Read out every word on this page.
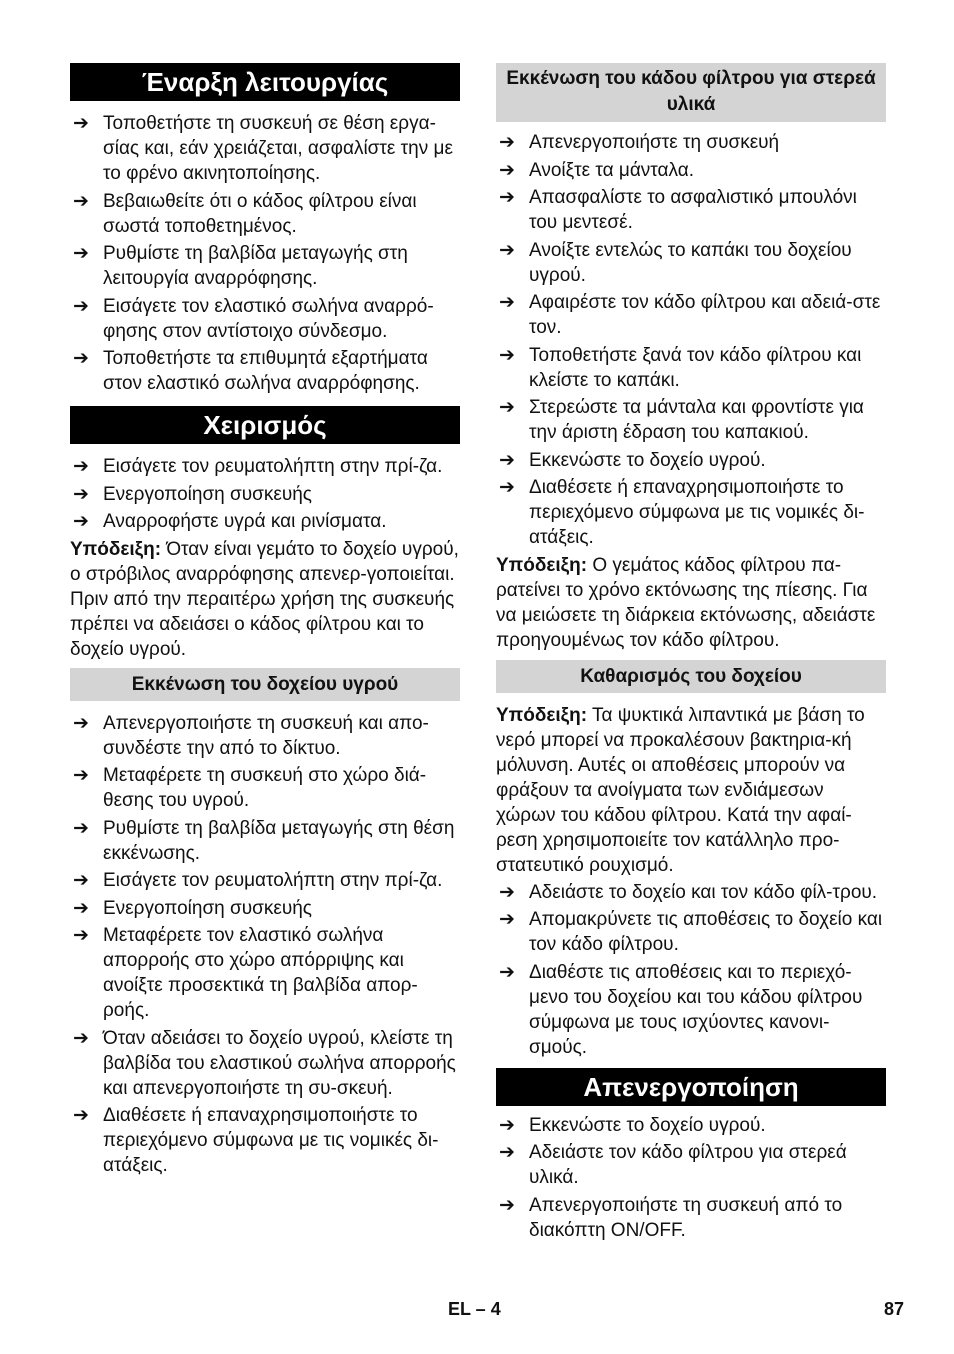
Έναρξη λειτουργίας
➔ Τοποθετήστε τη συσκευή σε θέση εργα-σίας και, εάν χρειάζεται, ασφαλίστε την με το φρένο ακινητοποίησης.
➔ Βεβαιωθείτε ότι ο κάδος φίλτρου είναι σωστά τοποθετημένος.
➔ Ρυθμίστε τη βαλβίδα μεταγωγής στη λειτουργία αναρρόφησης.
➔ Εισάγετε τον ελαστικό σωλήνα αναρρό-φησης στον αντίστοιχο σύνδεσμο.
➔ Τοποθετήστε τα επιθυμητά εξαρτήματα στον ελαστικό σωλήνα αναρρόφησης.
Χειρισμός
➔ Εισάγετε τον ρευματολήπτη στην πρί-ζα.
➔ Ενεργοποίηση συσκευής
➔ Αναρροφήστε υγρά και ρινίσματα.

Υπόδειξη: Όταν είναι γεμάτο το δοχείο υγρού, ο στρόβιλος αναρρόφησης απενερ-γοποιείται. Πριν από την περαιτέρω χρήση της συσκευής πρέπει να αδειάσει ο κάδος φίλτρου και το δοχείο υγρού.

Εκκένωση του δοχείου υγρού
➔ Απενεργοποιήστε τη συσκευή και απο-συνδέστε την από το δίκτυο.
➔ Μεταφέρετε τη συσκευή στο χώρο διά-θεσης του υγρού.
➔ Ρυθμίστε τη βαλβίδα μεταγωγής στη θέση εκκένωσης.
➔ Εισάγετε τον ρευματολήπτη στην πρί-ζα.
➔ Ενεργοποίηση συσκευής
➔ Μεταφέρετε τον ελαστικό σωλήνα απορροής στο χώρο απόρριψης και ανοίξτε προσεκτικά τη βαλβίδα απορ-ροής.
➔ Όταν αδειάσει το δοχείο υγρού, κλείστε τη βαλβίδα του ελαστικού σωλήνα απορροής και απενεργοποιήστε τη συ-σκευή.
➔ Διαθέσετε ή επαναχρησιμοποιήστε το περιεχόμενο σύμφωνα με τις νομικές δι-ατάξεις.
Εκκένωση του κάδου φίλτρου για στερεά υλικά
➔ Απενεργοποιήστε τη συσκευή
➔ Ανοίξτε τα μάνταλα.
➔ Απασφαλίστε το ασφαλιστικό μπουλόνι του μεντεσέ.
➔ Ανοίξτε εντελώς το καπάκι του δοχείου υγρού.
➔ Αφαιρέστε τον κάδο φίλτρου και αδειά-στε τον.
➔ Τοποθετήστε ξανά τον κάδο φίλτρου και κλείστε το καπάκι.
➔ Στερεώστε τα μάνταλα και φροντίστε για την άριστη έδραση του καπακιού.
➔ Εκκενώστε το δοχείο υγρού.
➔ Διαθέσετε ή επαναχρησιμοποιήστε το περιεχόμενο σύμφωνα με τις νομικές δι-ατάξεις.

Υπόδειξη: Ο γεμάτος κάδος φίλτρου πα-ρατείνει το χρόνο εκτόνωσης της πίεσης. Για να μειώσετε τη διάρκεια εκτόνωσης, αδειάστε προηγουμένως τον κάδο φίλτρου.

Καθαρισμός του δοχείου

Υπόδειξη: Τα ψυκτικά λιπαντικά με βάση το νερό μπορεί να προκαλέσουν βακτηρια-κή μόλυνση. Αυτές οι αποθέσεις μπορούν να φράξουν τα ανοίγματα των ενδιάμεσων χώρων του κάδου φίλτρου. Κατά την αφαί-ρεση χρησιμοποιείτε τον κατάλληλο προ-στατευτικό ρουχισμό.

➔ Αδειάστε το δοχείο και τον κάδο φίλ-τρου.
➔ Απομακρύνετε τις αποθέσεις το δοχείο και τον κάδο φίλτρου.
➔ Διαθέστε τις αποθέσεις και το περιεχό-μενο του δοχείου και του κάδου φίλτρου σύμφωνα με τους ισχύοντες κανονι-σμούς.
Απενεργοποίηση
➔ Εκκενώστε το δοχείο υγρού.
➔ Αδειάστε τον κάδο φίλτρου για στερεά υλικά.
➔ Απενεργοποιήστε τη συσκευή από το διακόπτη ON/OFF.
EL – 4	87
